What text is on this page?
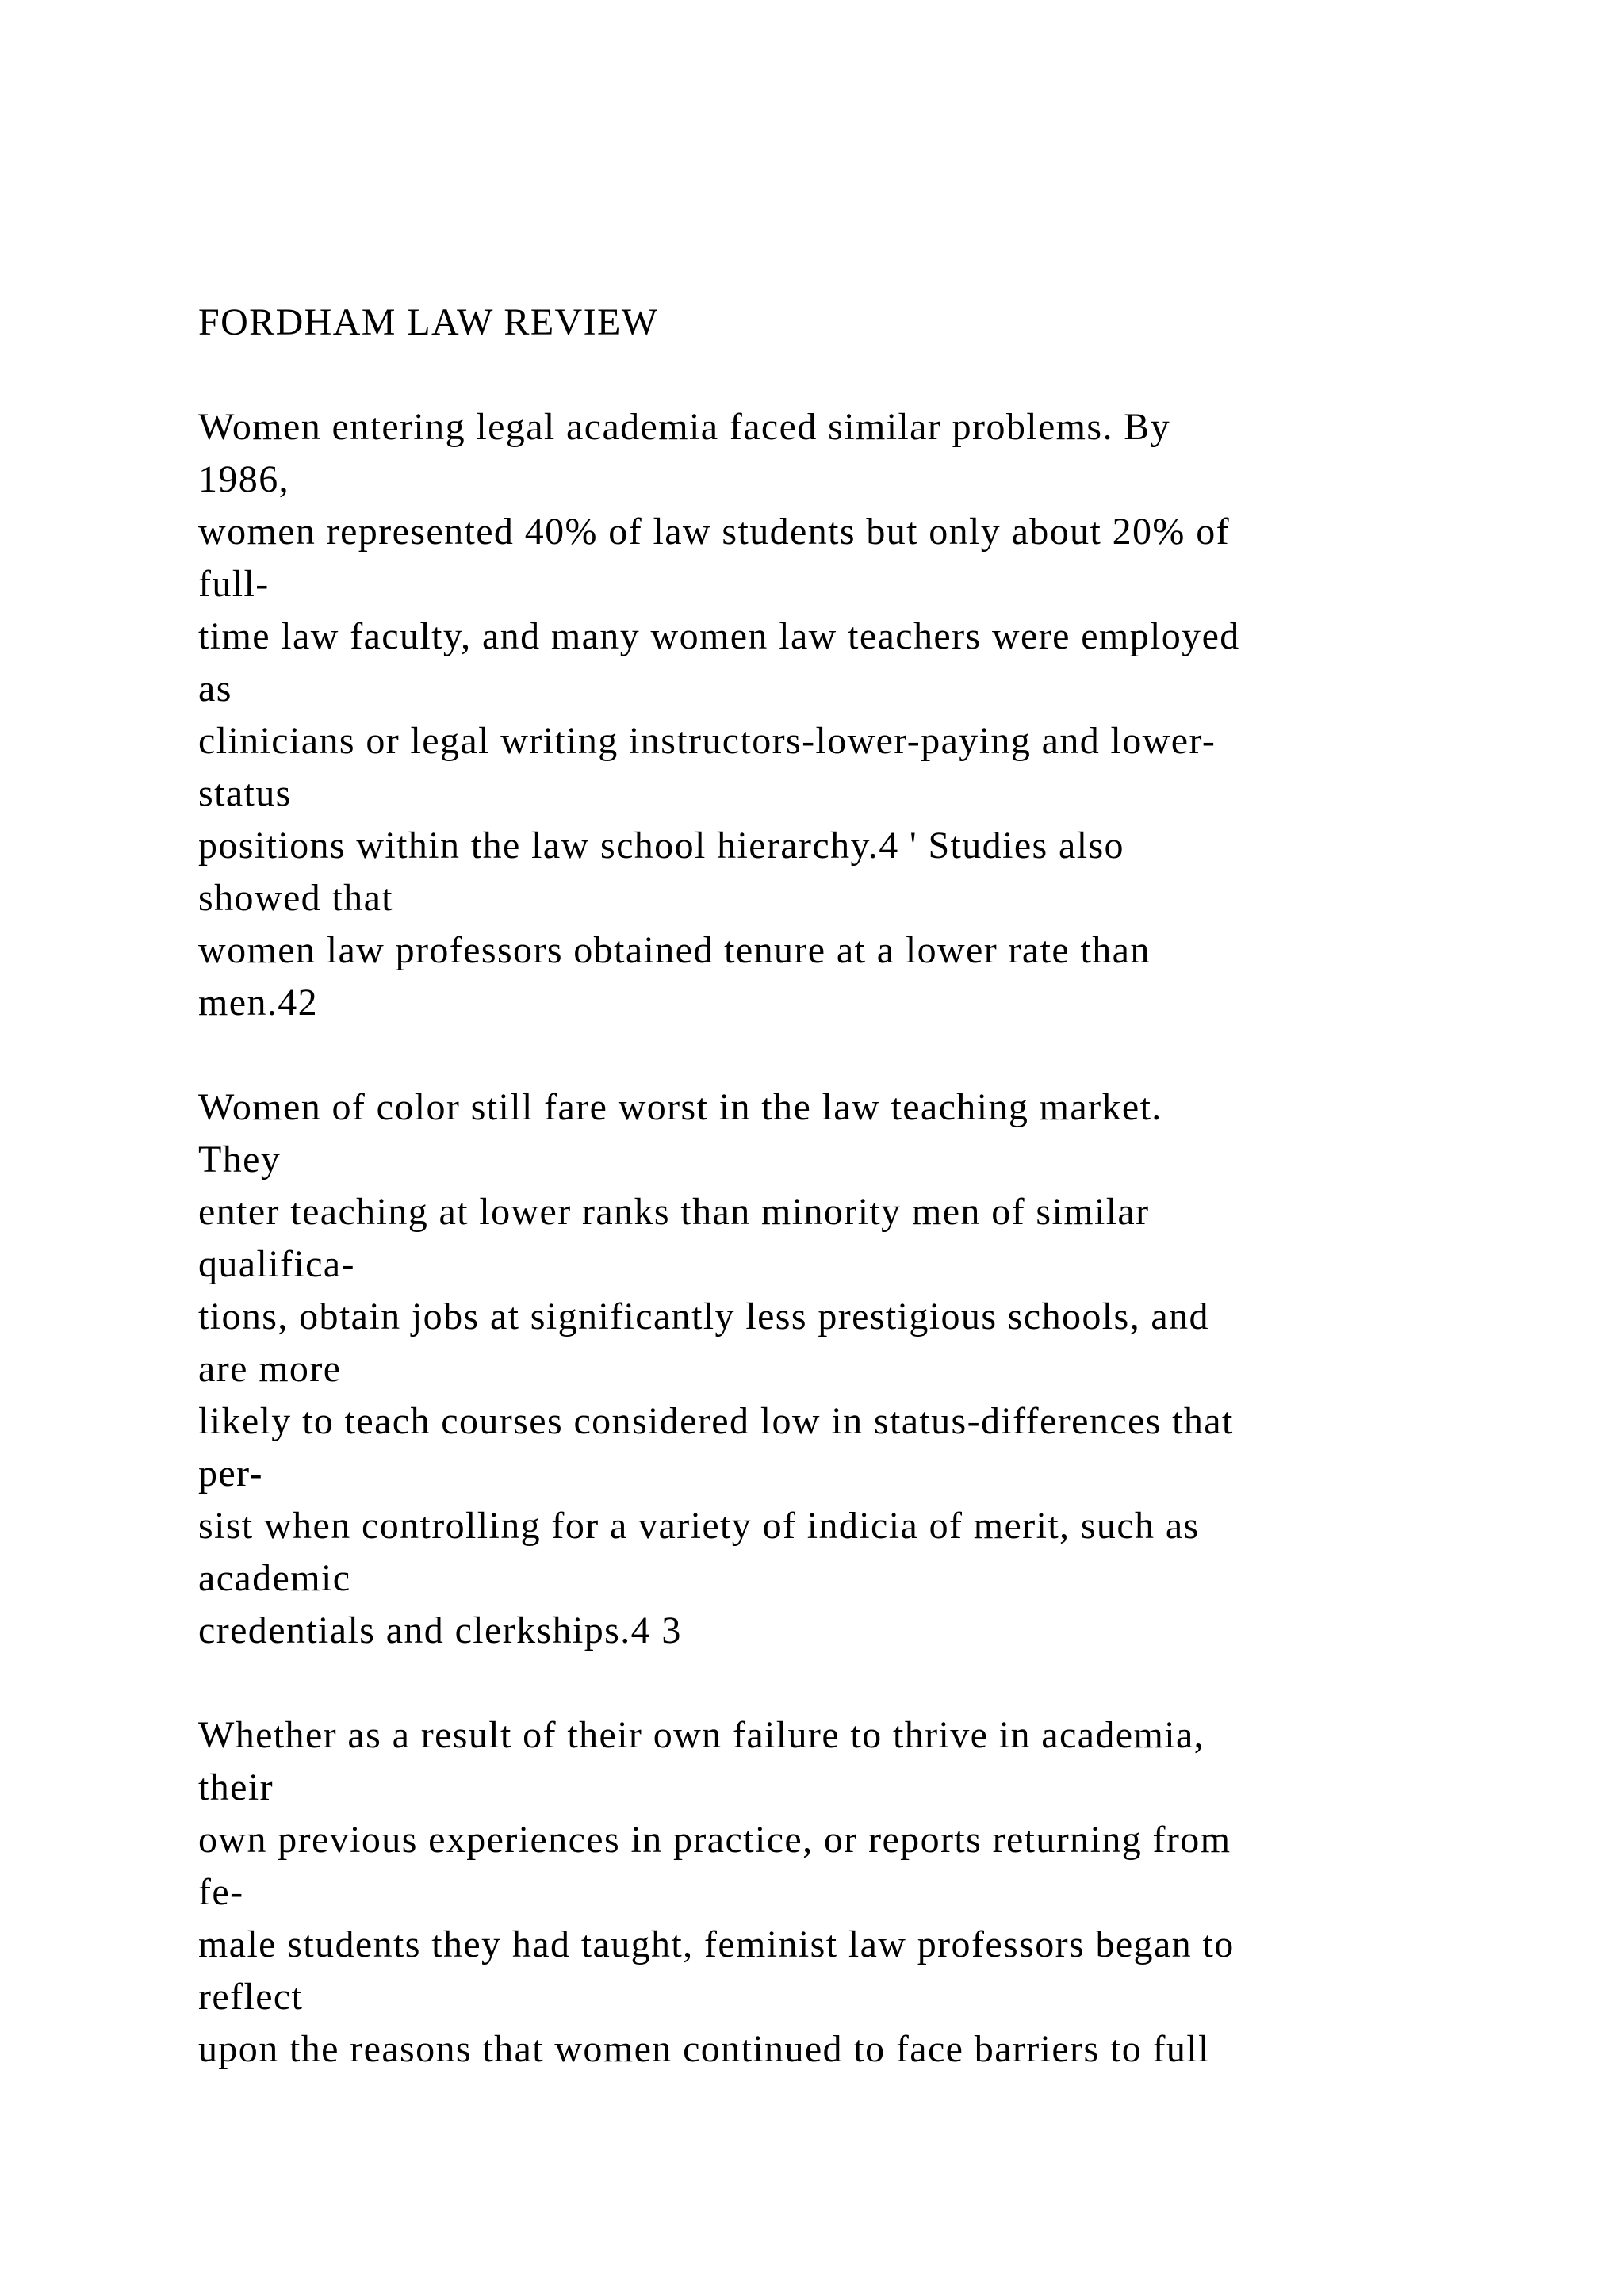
FORDHAM LAW REVIEW
Women entering legal academia faced similar problems. By
1986,
women represented 40% of law students but only about 20% of
full-
time law faculty, and many women law teachers were employed
as
clinicians or legal writing instructors-lower-paying and lower-
status
positions within the law school hierarchy.4 ' Studies also
showed that
women law professors obtained tenure at a lower rate than
men.42
Women of color still fare worst in the law teaching market.
They
enter teaching at lower ranks than minority men of similar
qualifica-
tions, obtain jobs at significantly less prestigious schools, and
are more
likely to teach courses considered low in status-differences that
per-
sist when controlling for a variety of indicia of merit, such as
academic
credentials and clerkships.4 3
Whether as a result of their own failure to thrive in academia,
their
own previous experiences in practice, or reports returning from
fe-
male students they had taught, feminist law professors began to
reflect
upon the reasons that women continued to face barriers to full
